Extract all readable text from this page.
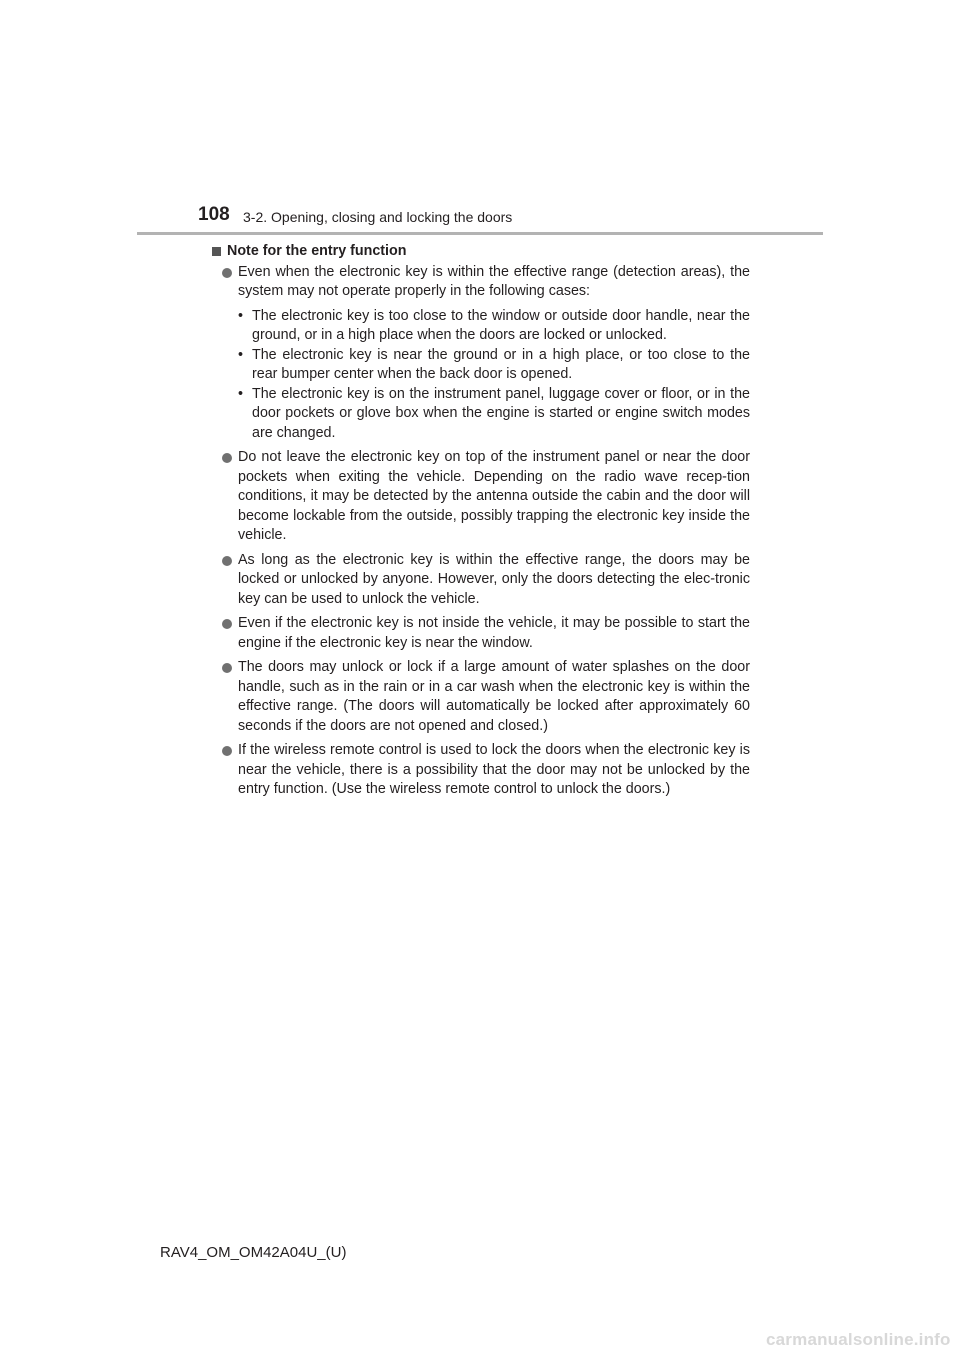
108 3-2. Opening, closing and locking the doors
Note for the entry function
Even when the electronic key is within the effective range (detection areas), the system may not operate properly in the following cases:
• The electronic key is too close to the window or outside door handle, near the ground, or in a high place when the doors are locked or unlocked.
• The electronic key is near the ground or in a high place, or too close to the rear bumper center when the back door is opened.
• The electronic key is on the instrument panel, luggage cover or floor, or in the door pockets or glove box when the engine is started or engine switch modes are changed.
Do not leave the electronic key on top of the instrument panel or near the door pockets when exiting the vehicle. Depending on the radio wave recep-tion conditions, it may be detected by the antenna outside the cabin and the door will become lockable from the outside, possibly trapping the electronic key inside the vehicle.
As long as the electronic key is within the effective range, the doors may be locked or unlocked by anyone. However, only the doors detecting the elec-tronic key can be used to unlock the vehicle.
Even if the electronic key is not inside the vehicle, it may be possible to start the engine if the electronic key is near the window.
The doors may unlock or lock if a large amount of water splashes on the door handle, such as in the rain or in a car wash when the electronic key is within the effective range. (The doors will automatically be locked after approximately 60 seconds if the doors are not opened and closed.)
If the wireless remote control is used to lock the doors when the electronic key is near the vehicle, there is a possibility that the door may not be unlocked by the entry function. (Use the wireless remote control to unlock the doors.)
RAV4_OM_OM42A04U_(U)
carmanualsonline.info
